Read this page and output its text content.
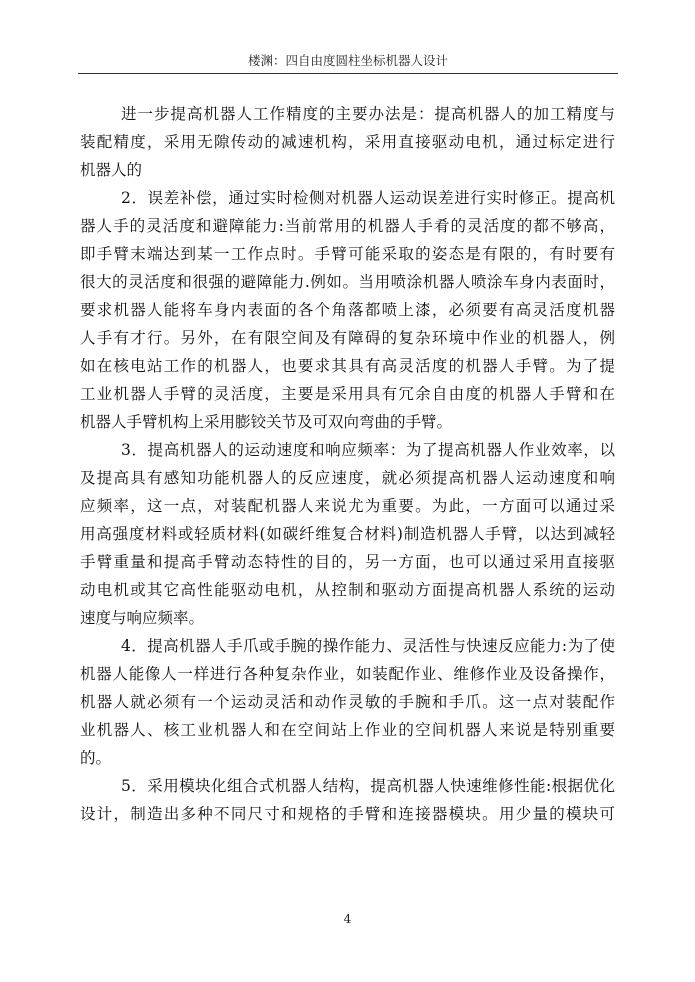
楼渊：四自由度圆柱坐标机器人设计
进一步提高机器人工作精度的主要办法是：提高机器人的加工精度与
装配精度，采用无隙传动的减速机构，采用直接驱动电机，通过标定进行
机器人的
2．误差补偿，通过实时检侧对机器人运动误差进行实时修正。提高机
器人手的灵活度和避障能力:当前常用的机器人手肴的灵活度的都不够高，
即手臂末端达到某一工作点时。手臂可能采取的姿态是有限的，有时要有
很大的灵活度和很强的避障能力.例如。当用喷涂机器人喷涂车身内表面时，
要求机器人能将车身内表面的各个角落都喷上漆，必须要有高灵活度机器
人手有才行。另外，在有限空间及有障碍的复杂环境中作业的机器人，例
如在核电站工作的机器人，也要求其具有高灵活度的机器人手臂。为了提
工业机器人手臂的灵活度，主要是采用具有冗余自由度的机器人手臂和在
机器人手臂机构上采用膨铰关节及可双向弯曲的手臂。
3．提高机器人的运动速度和响应频率：为了提高机器人作业效率，以
及提高具有感知功能机器人的反应速度，就必须提高机器人运动速度和响
应频率，这一点，对装配机器人来说尤为重要。为此，一方面可以通过采
用高强度材料或轻质材料(如碳纤维复合材料)制造机器人手臂，以达到减轻
手臂重量和提高手臂动态特性的目的，另一方面，也可以通过采用直接驱
动电机或其它高性能驱动电机，从控制和驱动方面提高机器人系统的运动
速度与响应频率。
4．提高机器人手爪或手腕的操作能力、灵活性与快速反应能力:为了使
机器人能像人一样进行各种复杂作业，如装配作业、维修作业及设备操作，
机器人就必须有一个运动灵活和动作灵敏的手腕和手爪。这一点对装配作
业机器人、核工业机器人和在空间站上作业的空间机器人来说是特别重要
的。
5．采用模块化组合式机器人结构，提高机器人快速维修性能:根据优化
设计，制造出多种不同尺寸和规格的手臂和连接器模块。用少量的模块可
4
